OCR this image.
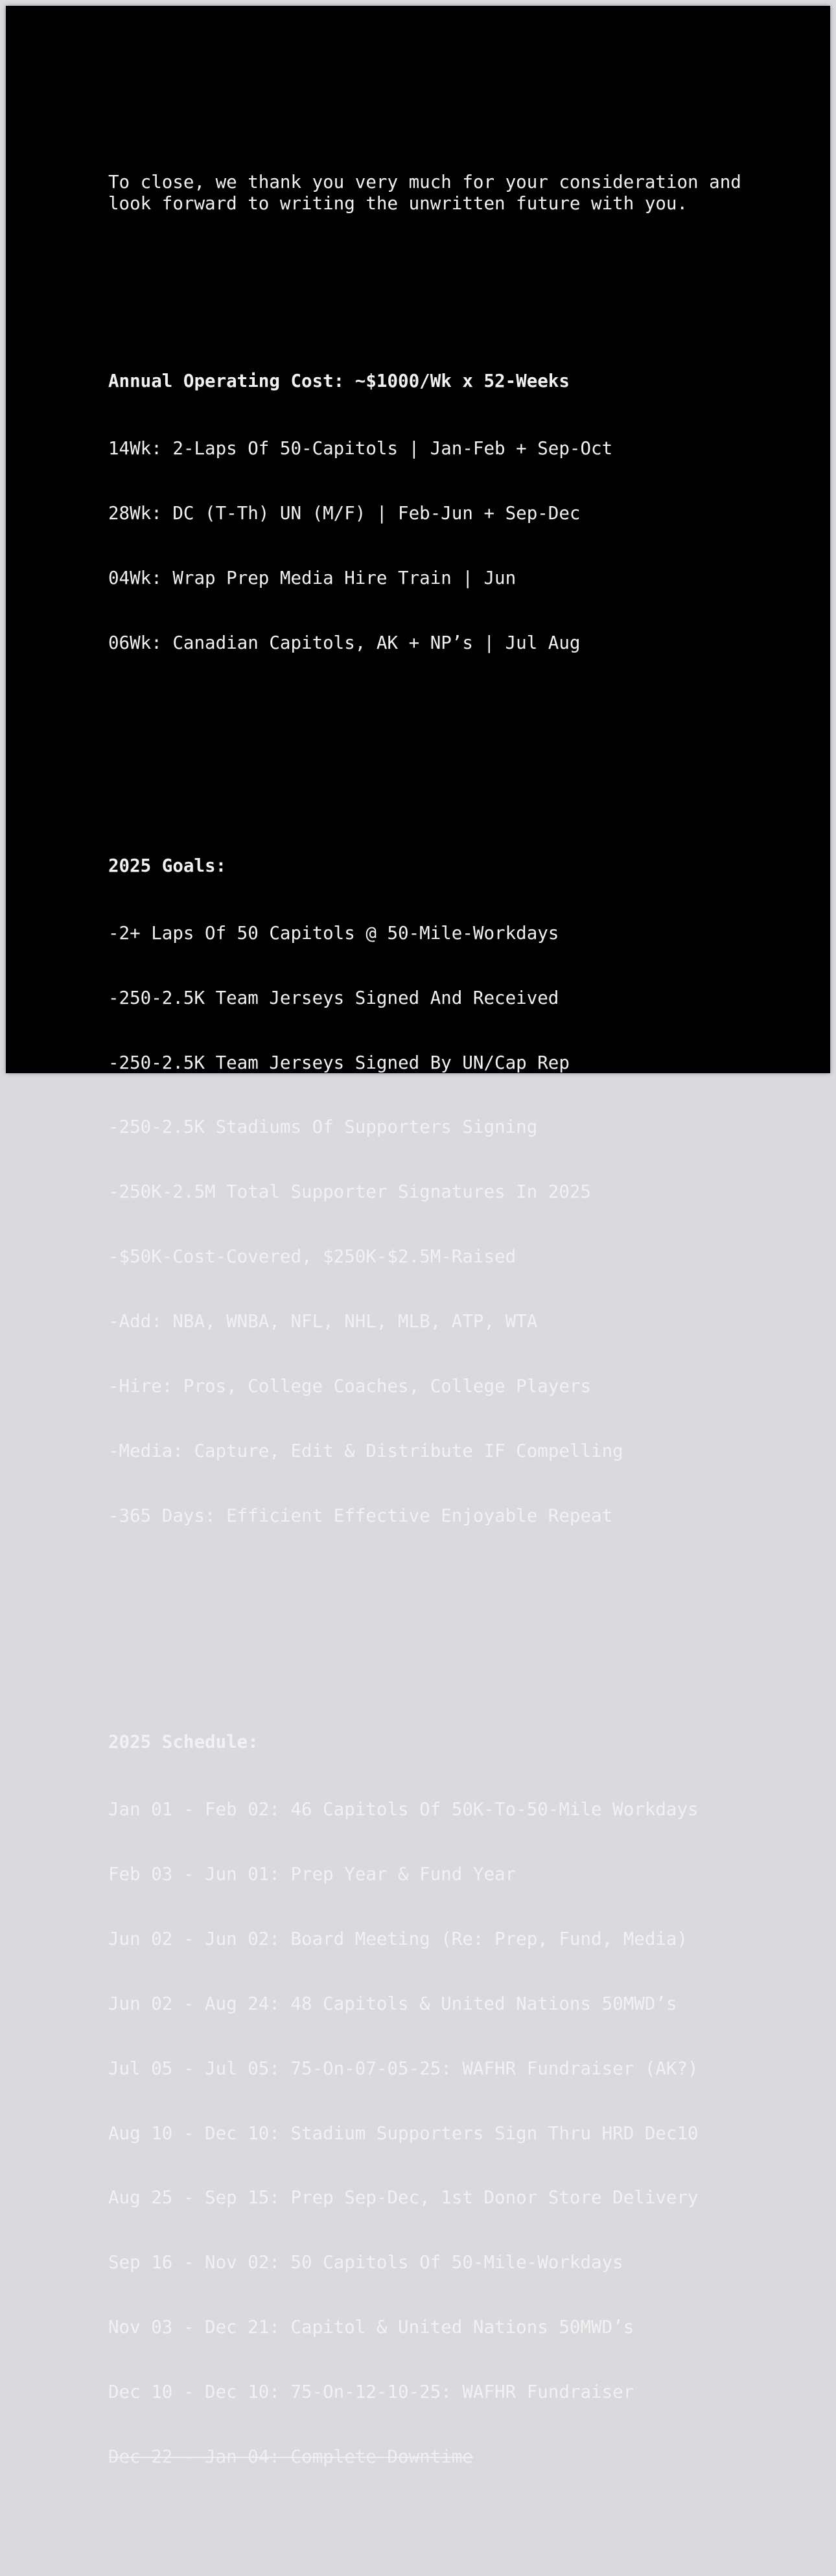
To close, we thank you very much for your consideration and look forward to writing the unwritten future with you.

Annual Operating Cost: ~$1000/Wk x 52-Weeks

14Wk: 2-Laps Of 50-Capitols | Jan-Feb + Sep-Oct

28Wk: DC (T-Th) UN (M/F) | Feb-Jun + Sep-Dec

04Wk: Wrap Prep Media Hire Train | Jun

06Wk: Canadian Capitols, AK + NP’s | Jul Aug

2025 Goals:

-2+ Laps Of 50 Capitols @ 50-Mile-Workdays

-250-2.5K Team Jerseys Signed And Received

-250-2.5K Team Jerseys Signed By UN/Cap Rep

-250-2.5K Stadiums Of Supporters Signing

-250K-2.5M Total Supporter Signatures In 2025

-$50K-Cost-Covered, $250K-$2.5M-Raised

-Add: NBA, WNBA, NFL, NHL, MLB, ATP, WTA

-Hire: Pros, College Coaches, College Players

-Media: Capture, Edit & Distribute IF Compelling

-365 Days: Efficient Effective Enjoyable Repeat

2025 Schedule:

Jan 01 - Feb 02: 46 Capitols Of 50K-To-50-Mile Workdays

Feb 03 - Jun 01: Prep Year & Fund Year

Jun 02 - Jun 02: Board Meeting (Re: Prep, Fund, Media)

Jun 02 - Aug 24: 48 Capitols & United Nations 50MWD’s

Jul 05 - Jul 05: 75-On-07-05-25: WAFHR Fundraiser (AK?)

Aug 10 - Dec 10: Stadium Supporters Sign Thru HRD Dec10

Aug 25 - Sep 15: Prep Sep-Dec, 1st Donor Store Delivery

Sep 16 - Nov 02: 50 Capitols Of 50-Mile-Workdays

Nov 03 - Dec 21: Capitol & United Nations 50MWD’s

Dec 10 - Dec 10: 75-On-12-10-25: WAFHR Fundraiser

Dec 22 - Jan 04: Complete Downtime
